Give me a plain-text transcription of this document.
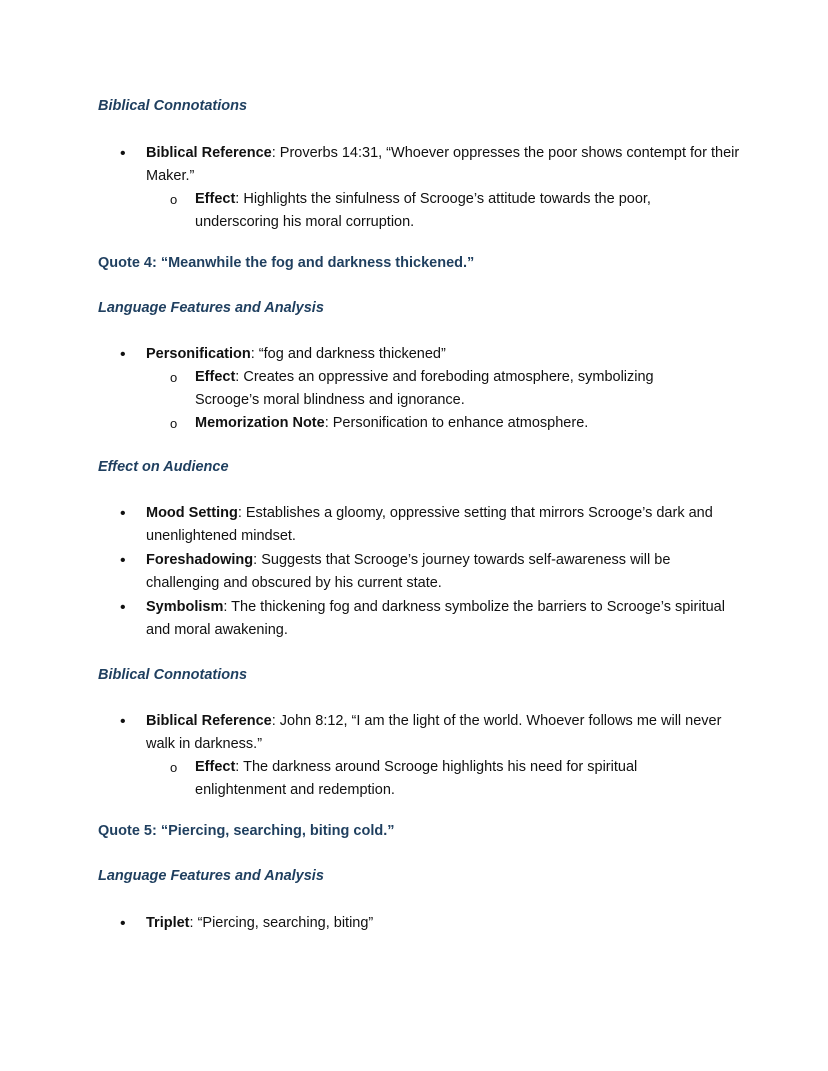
Biblical Connotations

• Biblical Reference: Proverbs 14:31, “Whoever oppresses the poor shows contempt for their Maker.”

o Effect: Highlights the sinfulness of Scrooge’s attitude towards the poor, underscoring his moral corruption.

Quote 4: “Meanwhile the fog and darkness thickened.”
Language Features and Analysis

• Personification: “fog and darkness thickened”

o Effect: Creates an oppressive and foreboding atmosphere, symbolizing Scrooge’s moral blindness and ignorance.

o Memorization Note: Personification to enhance atmosphere.

Effect on Audience

• Mood Setting: Establishes a gloomy, oppressive setting that mirrors Scrooge’s dark and unenlightened mindset.

• Foreshadowing: Suggests that Scrooge’s journey towards self-awareness will be challenging and obscured by his current state.

• Symbolism: The thickening fog and darkness symbolize the barriers to Scrooge’s spiritual and moral awakening.

Biblical Connotations

• Biblical Reference: John 8:12, “I am the light of the world. Whoever follows me will never walk in darkness.”

o Effect: The darkness around Scrooge highlights his need for spiritual enlightenment and redemption.

Quote 5: “Piercing, searching, biting cold.”
Language Features and Analysis

• Triplet: “Piercing, searching, biting”
